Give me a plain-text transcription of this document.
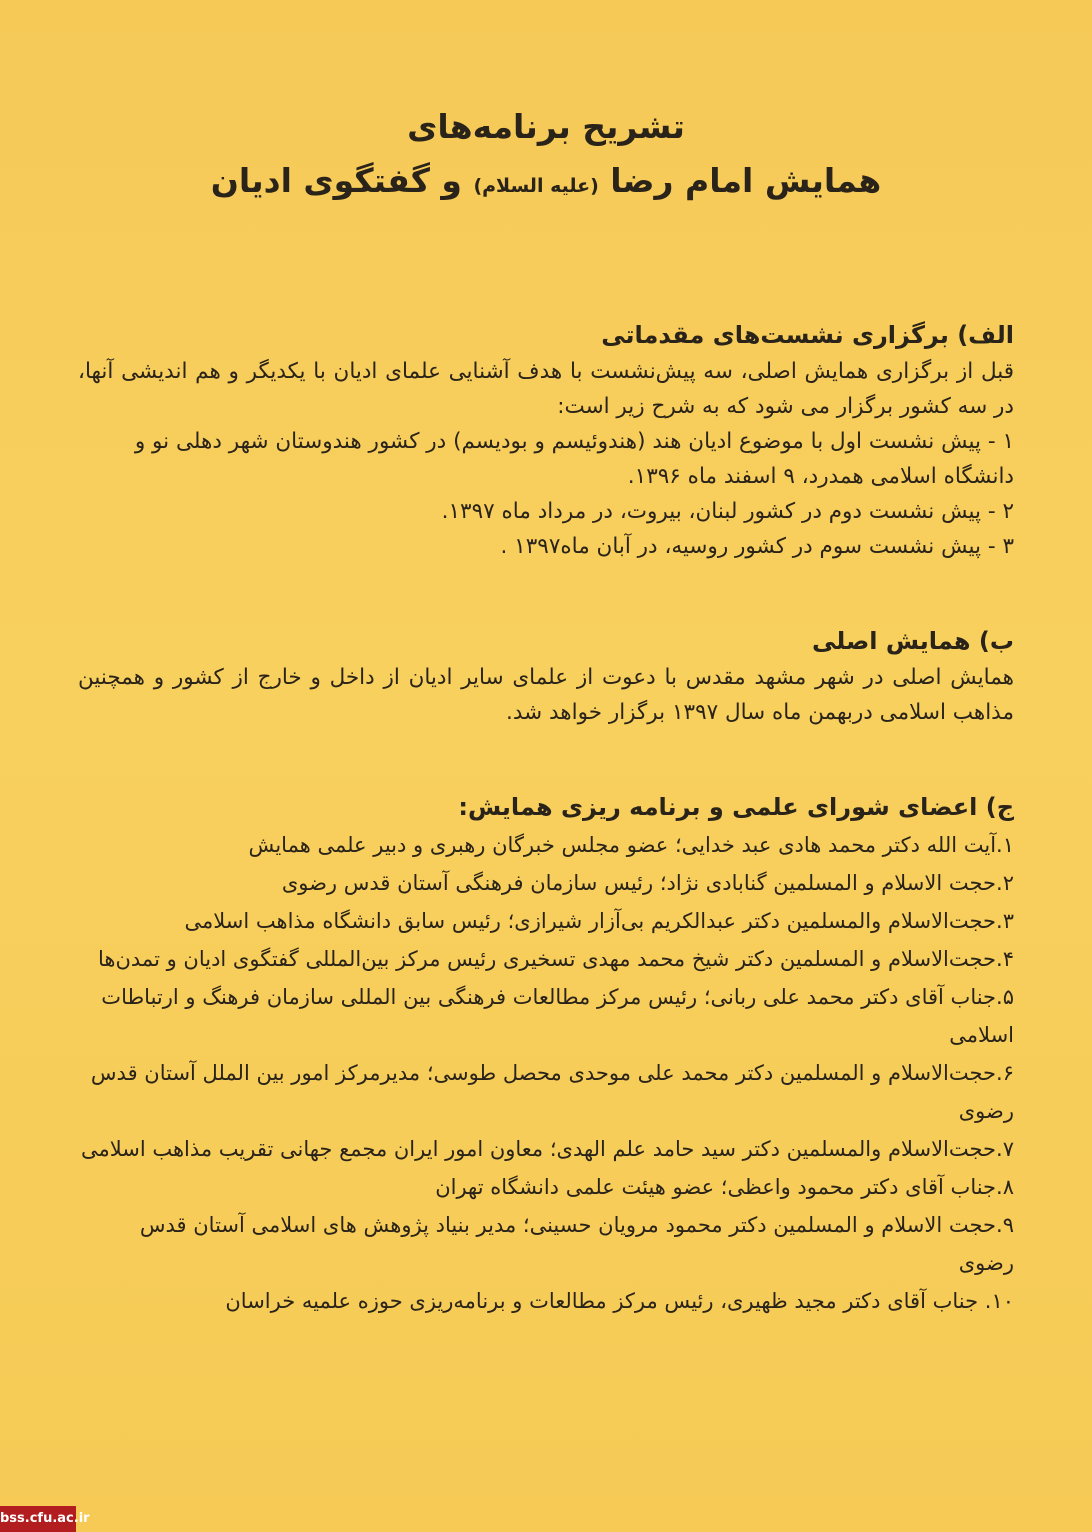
تشریح برنامه‌های
همایش امام رضا (علیه السلام) و گفتگوی ادیان
الف) برگزاری نشست‌های مقدماتی

قبل از برگزاری همایش اصلی، سه پیش‌نشست با هدف آشنایی علمای ادیان با یکدیگر و هم اندیشی آنها، در سه کشور برگزار می شود که به شرح زیر است:

۱ - پیش نشست اول با موضوع ادیان هند (هندوئیسم و بودیسم) در کشور هندوستان شهر دهلی نو و دانشگاه اسلامی همدرد، ۹ اسفند ماه ۱۳۹۶.
۲ - پیش نشست دوم در کشور لبنان، بیروت، در مرداد ماه ۱۳۹۷.
۳ - پیش نشست سوم در کشور روسیه، در آبان ماه۱۳۹۷ .
ب) همایش اصلی

همایش اصلی در شهر مشهد مقدس با دعوت از علمای سایر ادیان از داخل و خارج از کشور و همچنین مذاهب اسلامی دربهمن ماه سال ۱۳۹۷ برگزار خواهد شد.

ج) اعضای شورای علمی و برنامه ریزی همایش:
۱.آیت الله دکتر محمد هادی عبد خدایی؛ عضو مجلس خبرگان رهبری و دبیر علمی همایش
۲.حجت الاسلام و المسلمین گنابادی نژاد؛ رئیس سازمان فرهنگی آستان قدس رضوی
۳.حجت‌الاسلام والمسلمین دکتر عبدالکریم بی‌آزار شیرازی؛ رئیس سابق دانشگاه مذاهب اسلامی
۴.حجت‌الاسلام و المسلمین دکتر شیخ محمد مهدی تسخیری رئیس مرکز بین‌المللی گفتگوی ادیان و تمدن‌ها
۵.جناب آقای دکتر محمد علی ربانی؛ رئیس مرکز مطالعات فرهنگی بین المللی سازمان فرهنگ و ارتباطات اسلامی
۶.حجت‌الاسلام و المسلمین دکتر محمد علی موحدی محصل طوسی؛ مدیرمرکز امور بین الملل آستان قدس رضوی
۷.حجت‌الاسلام والمسلمین دکتر سید حامد علم الهدی؛ معاون امور ایران مجمع جهانی تقریب مذاهب اسلامی
۸.جناب آقای دکتر محمود واعظی؛ عضو هیئت علمی دانشگاه تهران
۹.حجت الاسلام و المسلمین دکتر محمود مرویان حسینی؛ مدیر بنیاد پژوهش های اسلامی آستان قدس رضوی
۱۰. جناب آقای دکتر مجید ظهیری، رئیس مرکز مطالعات و برنامه‌ریزی حوزه علمیه خراسان
bss.cfu.ac.ir
